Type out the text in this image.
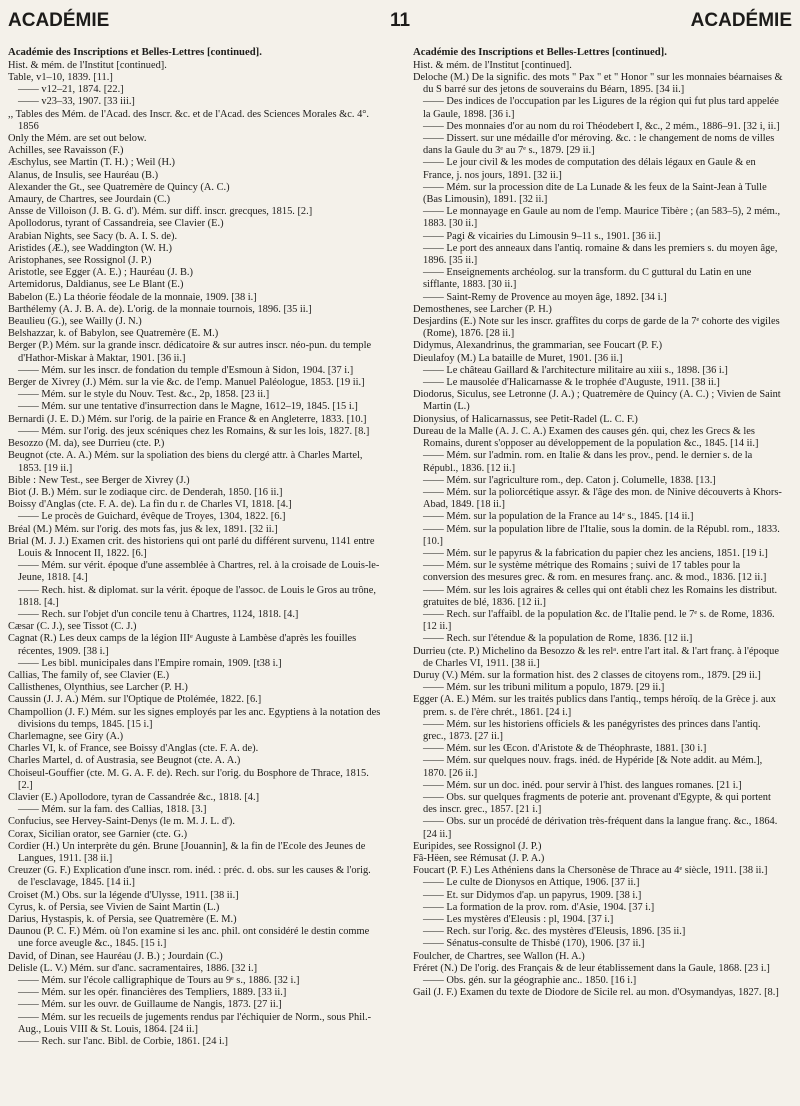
ACADÉMIE	11	ACADÉMIE
Académie des Inscriptions et Belles-Lettres [continued].
Hist. & mém. de l'Institut [continued].

Table, v1–10, 1839. [11.]
—— v12–21, 1874. [22.]
—— v23–33, 1907. [33 iii.]

,, Tables des Mém. de l'Acad. des Inscr. &c. et de l'Acad. des Sciences Morales &c. 4°. 1856

Only the Mém. are set out below.

Achilles, see Ravaisson (F.)

Æschylus, see Martin (T. H.) ; Weil (H.)

Alanus, de Insulis, see Hauréau (B.)

Alexander the Gt., see Quatremère de Quincy (A. C.)

Amaury, de Chartres, see Jourdain (C.)

Ansse de Villoison (J. B. G. d'). Mém. sur diff. inscr. grecques, 1815. [2.]

Apollodorus, tyrant of Cassandreia, see Clavier (E.)

Arabian Nights, see Sacy (b. A. I. S. de).

Aristides (Æ.), see Waddington (W. H.)

Aristophanes, see Rossignol (J. P.)

Aristotle, see Egger (A. E.) ; Hauréau (J. B.)

Artemidorus, Daldianus, see Le Blant (E.)

Babelon (E.) La théorie féodale de la monnaie, 1909. [38 i.]

Barthélemy (A. J. B. A. de). L'orig. de la monnaie tournois, 1896. [35 ii.]

Beaulieu (G.), see Wailly (J. N.)

Belshazzar, k. of Babylon, see Quatremère (E. M.)

Berger (P.) Mém. sur la grande inscr. dédicatoire & sur autres inscr. néo-pun. du temple d'Hathor-Miskar à Maktar, 1901. [36 ii.]
—— Mém. sur les inscr. de fondation du temple d'Esmoun à Sidon, 1904. [37 i.]

Berger de Xivrey (J.) Mém. sur la vie &c. de l'emp. Manuel Paléologue, 1853. [19 ii.]
—— Mém. sur le style du Nouv. Test. &c., 2p, 1858. [23 ii.]
—— Mém. sur une tentative d'insurrection dans le Magne, 1612–19, 1845. [15 i.]

Bernardi (J. E. D.) Mém. sur l'orig. de la pairie en France & en Angleterre, 1833. [10.]
—— Mém. sur l'orig. des jeux scéniques chez les Romains, & sur les lois, 1827. [8.]

Besozzo (M. da), see Durrieu (cte. P.)

Beugnot (cte. A. A.) Mém. sur la spoliation des biens du clergé attr. à Charles Martel, 1853. [19 ii.]

Bible : New Test., see Berger de Xivrey (J.)

Biot (J. B.) Mém. sur le zodiaque circ. de Denderah, 1850. [16 ii.]

Boissy d'Anglas (cte. F. A. de). La fin du r. de Charles VI, 1818. [4.]
—— Le procès de Guichard, évêque de Troyes, 1304, 1822. [6.]

Bréal (M.) Mém. sur l'orig. des mots fas, jus & lex, 1891. [32 ii.]

Brial (M. J. J.) Examen crit. des historiens qui ont parlé du différent survenu, 1141 entre Louis & Innocent II, 1822. [6.]
—— Mém. sur vérit. époque d'une assemblée à Chartres, rel. à la croisade de Louis-le-Jeune, 1818. [4.]
—— Rech. hist. & diplomat. sur la vérit. époque de l'assoc. de Louis le Gros au trône, 1818. [4.]
—— Rech. sur l'objet d'un concile tenu à Chartres, 1124, 1818. [4.]

Cæsar (C. J.), see Tissot (C. J.)

Cagnat (R.) Les deux camps de la légion IIIᵉ Auguste à Lambèse d'après les fouilles récentes, 1909. [38 i.]
—— Les bibl. municipales dans l'Empire romain, 1909. [t38 i.]

Callias, The family of, see Clavier (E.)

Callisthenes, Olynthius, see Larcher (P. H.)

Caussin (J. J. A.) Mém. sur l'Optique de Ptolémée, 1822. [6.]

Champollion (J. F.) Mém. sur les signes employés par les anc. Egyptiens à la notation des divisions du temps, 1845. [15 i.]

Charlemagne, see Giry (A.)

Charles VI, k. of France, see Boissy d'Anglas (cte. F. A. de).

Charles Martel, d. of Austrasia, see Beugnot (cte. A. A.)

Choiseul-Gouffier (cte. M. G. A. F. de). Rech. sur l'orig. du Bosphore de Thrace, 1815. [2.]

Clavier (E.) Apollodore, tyran de Cassandrée &c., 1818. [4.]
—— Mém. sur la fam. des Callias, 1818. [3.]

Confucius, see Hervey-Saint-Denys (le m. M. J. L. d').

Corax, Sicilian orator, see Garnier (cte. G.)

Cordier (H.) Un interprète du gén. Brune [Jouannin], & la fin de l'Ecole des Jeunes de Langues, 1911. [38 ii.]

Creuzer (G. F.) Explication d'une inscr. rom. inéd. : préc. d. obs. sur les causes & l'orig. de l'esclavage, 1845. [14 ii.]

Croiset (M.) Obs. sur la légende d'Ulysse, 1911. [38 ii.]

Cyrus, k. of Persia, see Vivien de Saint Martin (L.)

Darius, Hystaspis, k. of Persia, see Quatremère (E. M.)

Daunou (P. C. F.) Mém. où l'on examine si les anc. phil. ont considéré le destin comme une force aveugle &c., 1845. [15 i.]

David, of Dinan, see Hauréau (J. B.) ; Jourdain (C.)

Delisle (L. V.) Mém. sur d'anc. sacramentaires, 1886. [32 i.]
—— Mém. sur l'école calligraphique de Tours au 9ᵉ s., 1886. [32 i.]
—— Mém. sur les opér. financières des Templiers, 1889. [33 ii.]
—— Mém. sur les ouvr. de Guillaume de Nangis, 1873. [27 ii.]
—— Mém. sur les recueils de jugements rendus par l'échiquier de Norm., sous Phil.-Aug., Louis VIII & St. Louis, 1864. [24 ii.]
—— Rech. sur l'anc. Bibl. de Corbie, 1861. [24 i.]

Académie des Inscriptions et Belles-Lettres [continued].
Hist. & mém. de l'Institut [continued].

Deloche (M.) De la signific. des mots " Pax " et " Honor " sur les monnaies béarnaises & du S barré sur des jetons de souverains du Béarn, 1895. [34 ii.]
—— Des indices de l'occupation par les Ligures de la région qui fut plus tard appelée la Gaule, 1898. [36 i.]
—— Des monnaies d'or au nom du roi Théodebert I, &c., 2 mém., 1886–91. [32 i, ii.]
—— Dissert. sur une médaille d'or méroving. &c. : le changement de noms de villes dans la Gaule du 3ᵉ au 7ᵉ s., 1879. [29 ii.]
—— Le jour civil & les modes de computation des délais légaux en Gaule & en France, j. nos jours, 1891. [32 ii.]
—— Mém. sur la procession dite de La Lunade & les feux de la Saint-Jean à Tulle (Bas Limousin), 1891. [32 ii.]
—— Le monnayage en Gaule au nom de l'emp. Maurice Tibère ; (an 583–5), 2 mém., 1883. [30 ii.]
—— Pagi & vicairies du Limousin 9–11 s., 1901. [36 ii.]
—— Le port des anneaux dans l'antiq. romaine & dans les premiers s. du moyen âge, 1896. [35 ii.]
—— Enseignements archéolog. sur la transform. du C guttural du Latin en une sifflante, 1883. [30 ii.]
—— Saint-Remy de Provence au moyen âge, 1892. [34 i.]

Demosthenes, see Larcher (P. H.)

Desjardins (E.) Note sur les inscr. graffites du corps de garde de la 7ᵉ cohorte des vigiles (Rome), 1876. [28 ii.]

Didymus, Alexandrinus, the grammarian, see Foucart (P. F.)

Dieulafoy (M.) La bataille de Muret, 1901. [36 ii.]
—— Le château Gaillard & l'architecture militaire au xiii s., 1898. [36 i.]
—— Le mausolée d'Halicarnasse & le trophée d'Auguste, 1911. [38 ii.]

Diodorus, Siculus, see Letronne (J. A.) ; Quatremère de Quincy (A. C.) ; Vivien de Saint Martin (L.)

Dionysius, of Halicarnassus, see Petit-Radel (L. C. F.)

Dureau de la Malle (A. J. C. A.) Examen des causes gén. qui, chez les Grecs & les Romains, durent s'opposer au développement de la population &c., 1845. [14 ii.]
—— Mém. sur l'admin. rom. en Italie & dans les prov., pend. le dernier s. de la Républ., 1836. [12 ii.]
—— Mém. sur l'agriculture rom., dep. Caton j. Columelle, 1838. [13.]
—— Mém. sur la poliorcétique assyr. & l'âge des mon. de Ninive découverts à Khors-Abad, 1849. [18 ii.]
—— Mém. sur la population de la France au 14ᵉ s., 1845. [14 ii.]
—— Mém. sur la population libre de l'Italie, sous la domin. de la Républ. rom., 1833. [10.]
—— Mém. sur le papyrus & la fabrication du papier chez les anciens, 1851. [19 i.]
—— Mém. sur le système métrique des Romains ; suivi de 17 tables pour la conversion des mesures grec. & rom. en mesures franç. anc. & mod., 1836. [12 ii.]
—— Mém. sur les lois agraires & celles qui ont établi chez les Romains les distribut. gratuites de blé, 1836. [12 ii.]
—— Rech. sur l'affaibl. de la population &c. de l'Italie pend. le 7ᵉ s. de Rome, 1836. [12 ii.]
—— Rech. sur l'étendue & la population de Rome, 1836. [12 ii.]

Durrieu (cte. P.) Michelino da Besozzo & les relᵃ. entre l'art ital. & l'art franç. à l'époque de Charles VI, 1911. [38 ii.]

Duruy (V.) Mém. sur la formation hist. des 2 classes de citoyens rom., 1879. [29 ii.]
—— Mém. sur les tribuni militum a populo, 1879. [29 ii.]

Egger (A. E.) Mém. sur les traités publics dans l'antiq., temps héroïq. de la Grèce j. aux prem. s. de l'ère chrét., 1861. [24 i.]
—— Mém. sur les historiens officiels & les panégyristes des princes dans l'antiq. grec., 1873. [27 ii.]
—— Mém. sur les Œcon. d'Aristote & de Théophraste, 1881. [30 i.]
—— Mém. sur quelques nouv. frags. inéd. de Hypéride [& Note addit. au Mém.], 1870. [26 ii.]
—— Mém. sur un doc. inéd. pour servir à l'hist. des langues romanes. [21 i.]
—— Obs. sur quelques fragments de poterie ant. provenant d'Egypte, & qui portent des inscr. grec., 1857. [21 i.]
—— Obs. sur un procédé de dérivation très-fréquent dans la langue franç. &c., 1864. [24 ii.]

Euripides, see Rossignol (J. P.)

Fâ-Hëen, see Rémusat (J. P. A.)

Foucart (P. F.) Les Athéniens dans la Chersonèse de Thrace au 4ᵉ siècle, 1911. [38 ii.]
—— Le culte de Dionysos en Attique, 1906. [37 ii.]
—— Et. sur Didymos d'ap. un papyrus, 1909. [38 i.]
—— La formation de la prov. rom. d'Asie, 1904. [37 i.]
—— Les mystères d'Eleusis : pl, 1904. [37 i.]
—— Rech. sur l'orig. &c. des mystères d'Eleusis, 1896. [35 ii.]
—— Sénatus-consulte de Thisbé (170), 1906. [37 ii.]

Foulcher, de Chartres, see Wallon (H. A.)

Fréret (N.) De l'orig. des Français & de leur établissement dans la Gaule, 1868. [23 i.]
—— Obs. gén. sur la géographie anc.. 1850. [16 i.]

Gail (J. F.) Examen du texte de Diodore de Sicile rel. au mon. d'Osymandyas, 1827. [8.]
